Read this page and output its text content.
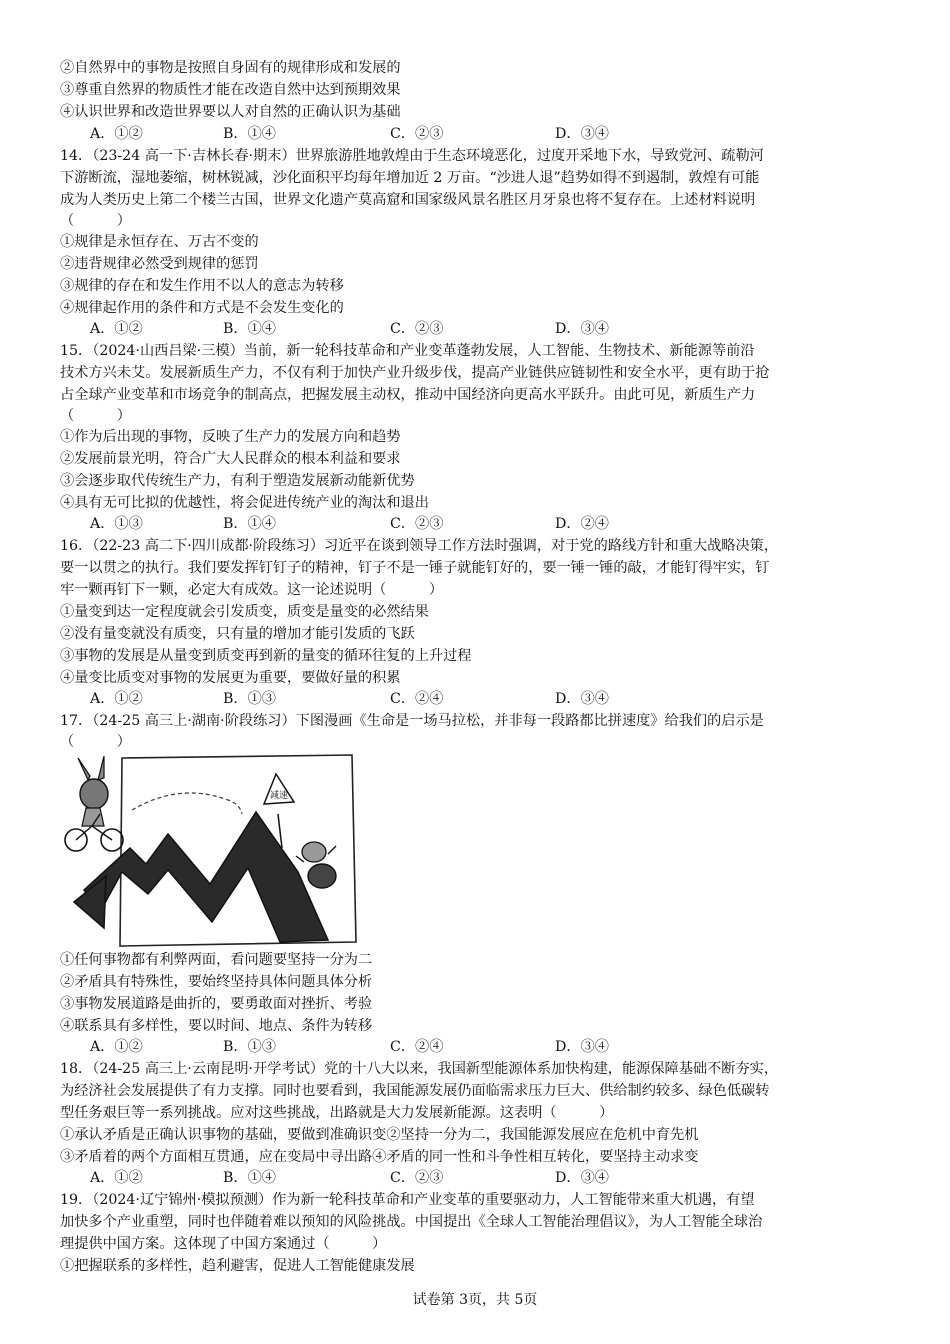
②自然界中的事物是按照自身固有的规律形成和发展的
③尊重自然界的物质性才能在改造自然中达到预期效果
④认识世界和改造世界要以人对自然的正确认识为基础
A．①②	B．①④	C．②③	D．③④
14．（23-24 高一下·吉林长春·期末）世界旅游胜地敦煌由于生态环境恶化，过度开采地下水，导致党河、疏勒河
下游断流，湿地萎缩，树林锐减，沙化面积平均每年增加近 2 万亩。“沙进人退”趋势如得不到遏制，敦煌有可能
成为人类历史上第二个楼兰古国，世界文化遗产莫高窟和国家级风景名胜区月牙泉也将不复存在。上述材料说明
（　　　）
①规律是永恒存在、万古不变的
②违背规律必然受到规律的惩罚
③规律的存在和发生作用不以人的意志为转移
④规律起作用的条件和方式是不会发生变化的
A．①②	B．①④	C．②③	D．③④
15．（2024·山西吕梁·三模）当前，新一轮科技革命和产业变革蓬勃发展，人工智能、生物技术、新能源等前沿
技术方兴未艾。发展新质生产力，不仅有利于加快产业升级步伐，提高产业链供应链韧性和安全水平，更有助于抢
占全球产业变革和市场竞争的制高点，把握发展主动权，推动中国经济向更高水平跃升。由此可见，新质生产力
（　　　）
①作为后出现的事物，反映了生产力的发展方向和趋势
②发展前景光明，符合广大人民群众的根本利益和要求
③会逐步取代传统生产力，有利于塑造发展新动能新优势
④具有无可比拟的优越性，将会促进传统产业的淘汰和退出
A．①③	B．①④	C．②③	D．②④
16．（22-23 高二下·四川成都·阶段练习）习近平在谈到领导工作方法时强调，对于党的路线方针和重大战略决策，
要一以贯之的执行。我们要发挥钉钉子的精神，钉子不是一锤子就能钉好的，要一锤一锤的敲，才能钉得牢实，钉
牢一颗再钉下一颗，必定大有成效。这一论述说明（　　　）
①量变到达一定程度就会引发质变，质变是量变的必然结果
②没有量变就没有质变，只有量的增加才能引发质的飞跃
③事物的发展是从量变到质变再到新的量变的循环往复的上升过程
④量变比质变对事物的发展更为重要，要做好量的积累
A．①②	B．①③	C．②④	D．③④
17．（24-25 高三上·湖南·阶段练习）下图漫画《生命是一场马拉松，并非每一段路都比拼速度》给我们的启示是
（　　　）
减速
①任何事物都有利弊两面，看问题要坚持一分为二
②矛盾具有特殊性，要始终坚持具体问题具体分析
③事物发展道路是曲折的，要勇敢面对挫折、考验
④联系具有多样性，要以时间、地点、条件为转移
A．①②	B．①③	C．②④	D．③④
18．（24-25 高三上·云南昆明·开学考试）党的十八大以来，我国新型能源体系加快构建，能源保障基础不断夯实，
为经济社会发展提供了有力支撑。同时也要看到，我国能源发展仍面临需求压力巨大、供给制约较多、绿色低碳转
型任务艰巨等一系列挑战。应对这些挑战，出路就是大力发展新能源。这表明（　　　）
①承认矛盾是正确认识事物的基础，要做到准确识变②坚持一分为二，我国能源发展应在危机中育先机
③矛盾着的两个方面相互贯通，应在变局中寻出路④矛盾的同一性和斗争性相互转化，要坚持主动求变
A．①②	B．①④	C．②③	D．③④
19．（2024·辽宁锦州·模拟预测）作为新一轮科技革命和产业变革的重要驱动力，人工智能带来重大机遇，有望
加快多个产业重塑，同时也伴随着难以预知的风险挑战。中国提出《全球人工智能治理倡议》，为人工智能全球治
理提供中国方案。这体现了中国方案通过（　　　）
①把握联系的多样性，趋利避害，促进人工智能健康发展
试卷第 3页，共 5页
